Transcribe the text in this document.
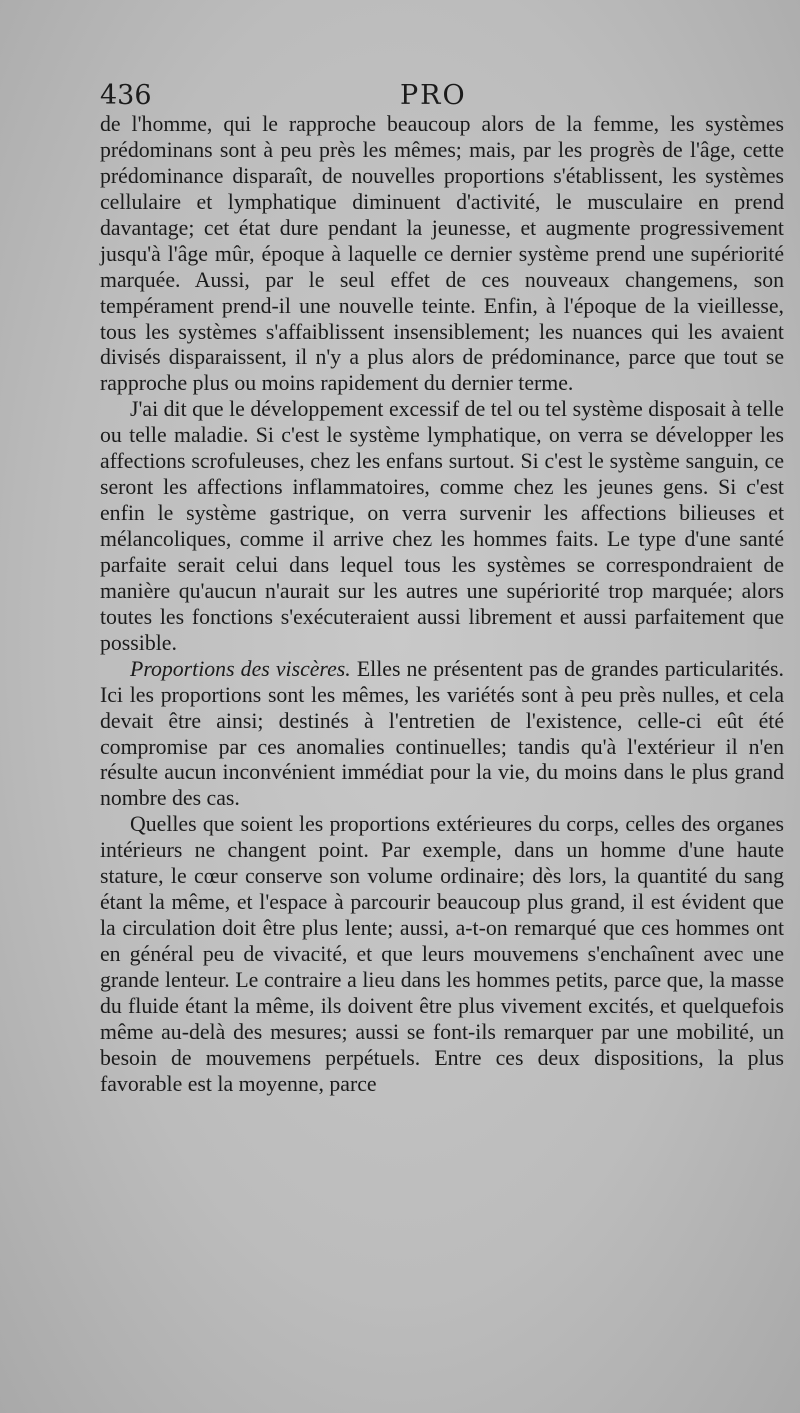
436	PRO

de l'homme, qui le rapproche beaucoup alors de la femme, les systèmes prédominans sont à peu près les mêmes; mais, par les progrès de l'âge, cette prédominance disparaît, de nouvelles proportions s'établissent, les systèmes cellulaire et lymphatique diminuent d'activité, le musculaire en prend davantage; cet état dure pendant la jeunesse, et augmente progressivement jusqu'à l'âge mûr, époque à laquelle ce dernier système prend une supériorité marquée. Aussi, par le seul effet de ces nouveaux changemens, son tempérament prend-il une nouvelle teinte. Enfin, à l'époque de la vieillesse, tous les systèmes s'affaiblissent insensiblement; les nuances qui les avaient divisés disparaissent, il n'y a plus alors de prédominance, parce que tout se rapproche plus ou moins rapidement du dernier terme.

J'ai dit que le développement excessif de tel ou tel système disposait à telle ou telle maladie. Si c'est le système lymphatique, on verra se développer les affections scrofuleuses, chez les enfans surtout. Si c'est le système sanguin, ce seront les affections inflammatoires, comme chez les jeunes gens. Si c'est enfin le système gastrique, on verra survenir les affections bilieuses et mélancoliques, comme il arrive chez les hommes faits. Le type d'une santé parfaite serait celui dans lequel tous les systèmes se correspondraient de manière qu'aucun n'aurait sur les autres une supériorité trop marquée; alors toutes les fonctions s'exécuteraient aussi librement et aussi parfaitement que possible.

Proportions des viscères. Elles ne présentent pas de grandes particularités. Ici les proportions sont les mêmes, les variétés sont à peu près nulles, et cela devait être ainsi; destinés à l'entretien de l'existence, celle-ci eût été compromise par ces anomalies continuelles; tandis qu'à l'extérieur il n'en résulte aucun inconvénient immédiat pour la vie, du moins dans le plus grand nombre des cas.

Quelles que soient les proportions extérieures du corps, celles des organes intérieurs ne changent point. Par exemple, dans un homme d'une haute stature, le cœur conserve son volume ordinaire; dès lors, la quantité du sang étant la même, et l'espace à parcourir beaucoup plus grand, il est évident que la circulation doit être plus lente; aussi, a-t-on remarqué que ces hommes ont en général peu de vivacité, et que leurs mouvemens s'enchaînent avec une grande lenteur. Le contraire a lieu dans les hommes petits, parce que, la masse du fluide étant la même, ils doivent être plus vivement excités, et quelquefois même au-delà des mesures; aussi se font-ils remarquer par une mobilité, un besoin de mouvemens perpétuels. Entre ces deux dispositions, la plus favorable est la moyenne, parce
